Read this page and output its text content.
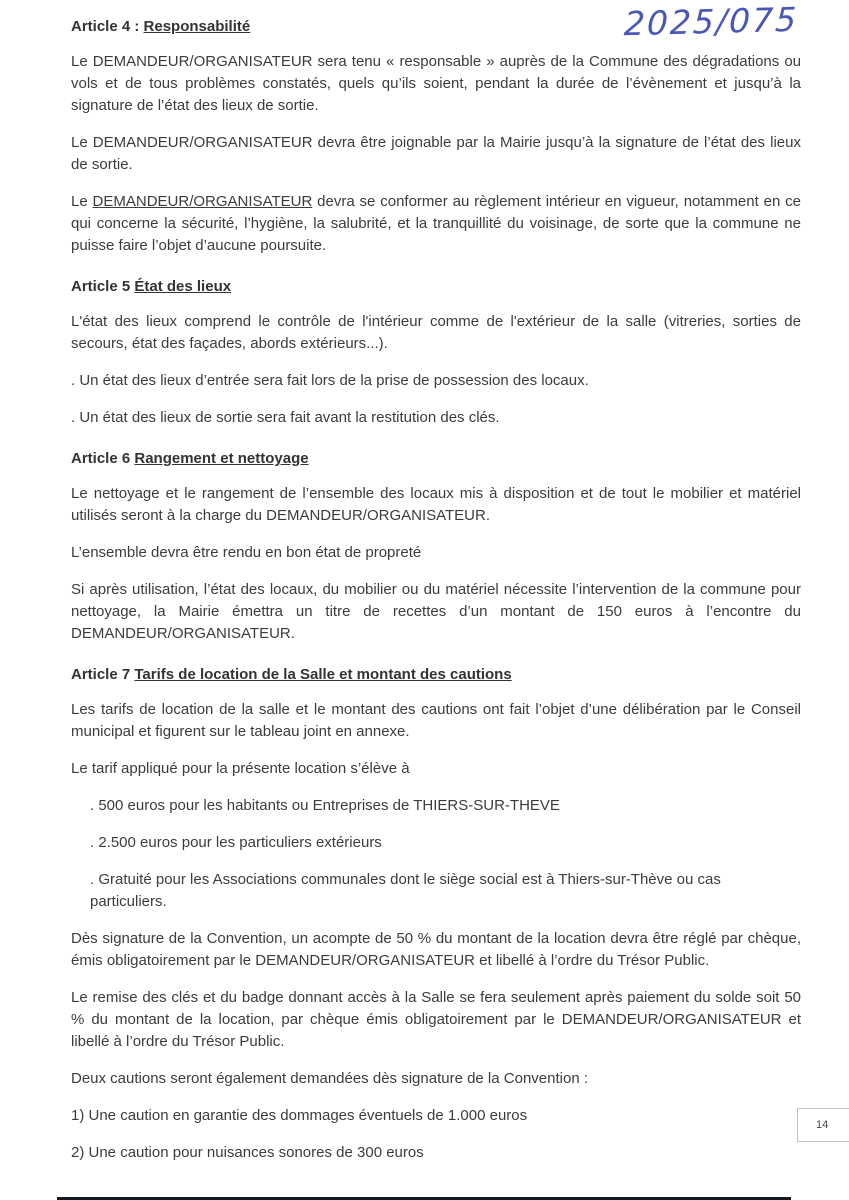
2025/075
Article 4 : Responsabilité

Le DEMANDEUR/ORGANISATEUR sera tenu « responsable » auprès de la Commune des dégradations ou vols et de tous problèmes constatés, quels qu’ils soient, pendant la durée de l’évènement et jusqu’à la signature de l’état des lieux de sortie.

Le DEMANDEUR/ORGANISATEUR devra être joignable par la Mairie jusqu’à la signature de l’état des lieux de sortie.

Le DEMANDEUR/ORGANISATEUR devra se conformer au règlement intérieur en vigueur, notamment en ce qui concerne la sécurité, l’hygiène, la salubrité, et la tranquillité du voisinage, de sorte que la commune ne puisse faire l’objet d’aucune poursuite.

Article 5 État des lieux

L'état des lieux comprend le contrôle de l'intérieur comme de l'extérieur de la salle (vitreries, sorties de secours, état des façades, abords extérieurs...).

. Un état des lieux d’entrée sera fait lors de la prise de possession des locaux.

. Un état des lieux de sortie sera fait avant la restitution des clés.

Article 6 Rangement et nettoyage

Le nettoyage et le rangement de l’ensemble des locaux mis à disposition et de tout le mobilier et matériel utilisés seront à la charge du DEMANDEUR/ORGANISATEUR.

L’ensemble devra être rendu en bon état de propreté

Si après utilisation, l’état des locaux, du mobilier ou du matériel nécessite l’intervention de la commune pour nettoyage, la Mairie émettra un titre de recettes d’un montant de 150 euros à l’encontre du DEMANDEUR/ORGANISATEUR.

Article 7 Tarifs de location de la Salle et montant des cautions

Les tarifs de location de la salle et le montant des cautions ont fait l’objet d’une délibération par le Conseil municipal et figurent sur le tableau joint en annexe.

Le tarif appliqué pour la présente location s’élève à

. 500 euros pour les habitants ou Entreprises de THIERS-SUR-THEVE

. 2.500 euros pour les particuliers extérieurs

. Gratuité pour les Associations communales dont le siège social est à Thiers-sur-Thève ou cas particuliers.

Dès signature de la Convention, un acompte de 50 % du montant de la location devra être réglé par chèque, émis obligatoirement par le DEMANDEUR/ORGANISATEUR et libellé à l’ordre du Trésor Public.

Le remise des clés et du badge donnant accès à la Salle se fera seulement après paiement du solde soit 50 % du montant de la location, par chèque émis obligatoirement par le DEMANDEUR/ORGANISATEUR et libellé à l’ordre du Trésor Public.

Deux cautions seront également demandées dès signature de la Convention :

1) Une caution en garantie des dommages éventuels de 1.000 euros

2) Une caution pour nuisances sonores de 300 euros

14
